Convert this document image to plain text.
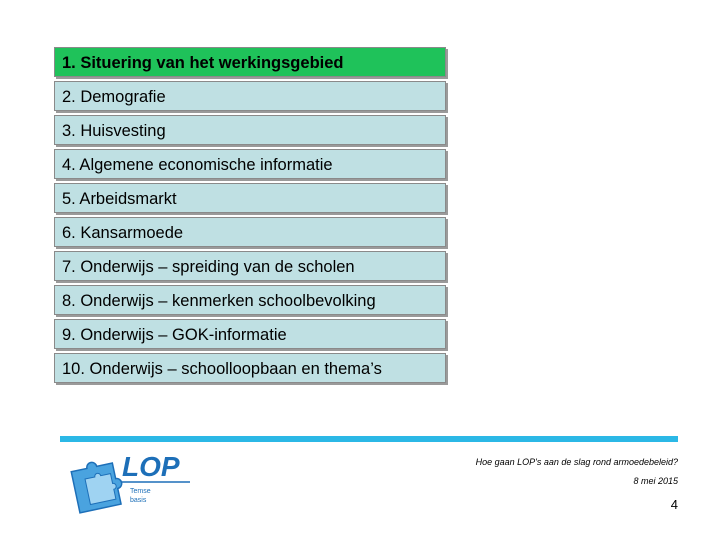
1. Situering van het werkingsgebied
2. Demografie
3. Huisvesting
4. Algemene economische informatie
5. Arbeidsmarkt
6. Kansarmoede
7. Onderwijs – spreiding van de scholen
8. Onderwijs – kenmerken schoolbevolking
9. Onderwijs – GOK-informatie
10. Onderwijs – schoolloopbaan en thema’s
LOP
Temse
basis
Hoe gaan LOP's aan de slag rond armoedebeleid?
8 mei 2015
4
